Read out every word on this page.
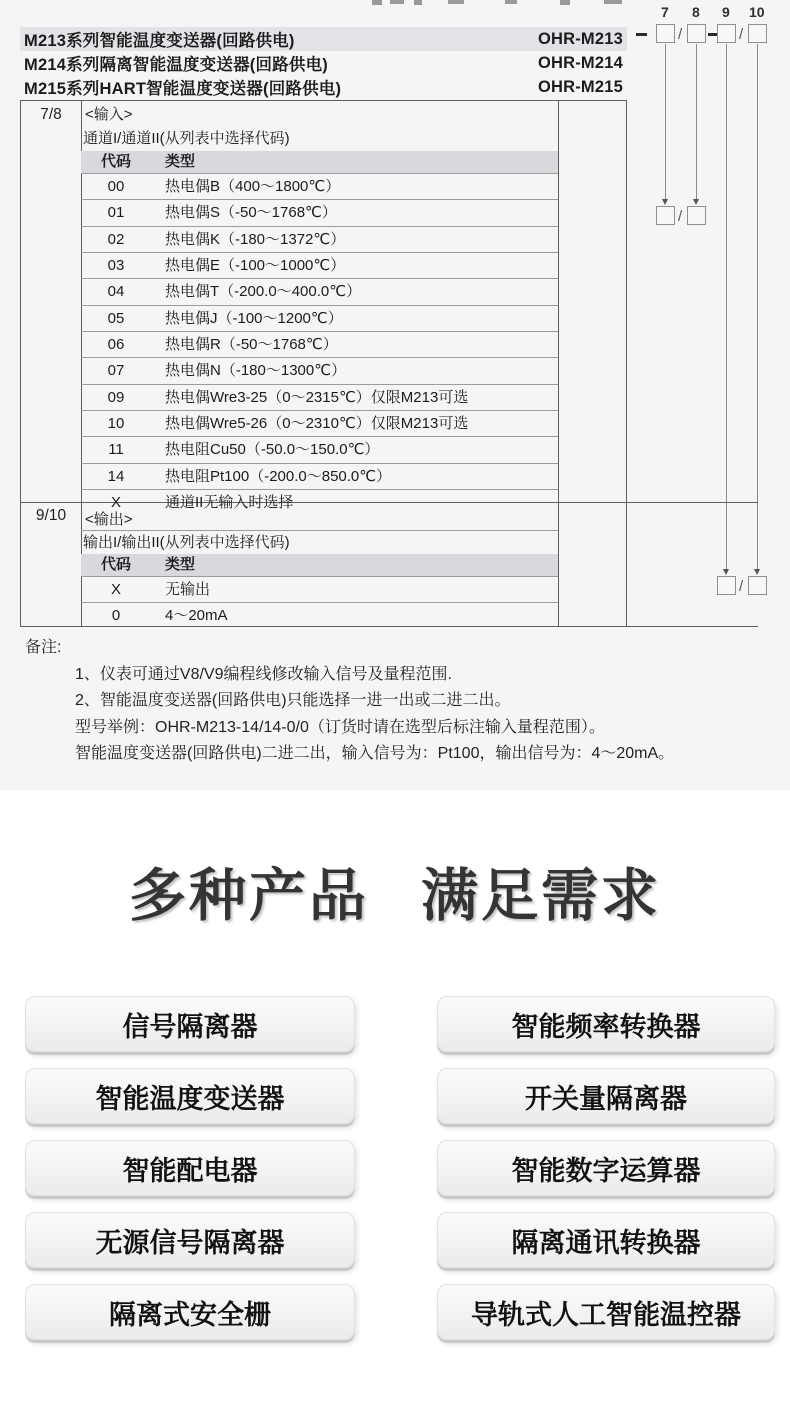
M213系列智能温度变送器(回路供电)	OHR-M213
M214系列隔离智能温度变送器(回路供电)	OHR-M214
M215系列HART智能温度变送器(回路供电)	OHR-M215
7 8 9 10
/	/
/
/
7/8
9/10
<输入>
通道I/通道II(从列表中选择代码)
代码	类型
00	热电偶B（400～1800℃）
01	热电偶S（-50～1768℃）
02	热电偶K（-180～1372℃）
03	热电偶E（-100～1000℃）
04	热电偶T（-200.0～400.0℃）
05	热电偶J（-100～1200℃）
06	热电偶R（-50～1768℃）
07	热电偶N（-180～1300℃）
09	热电偶Wre3-25（0～2315℃）仅限M213可选
10	热电偶Wre5-26（0～2310℃）仅限M213可选
11	热电阻Cu50（-50.0～150.0℃）
14	热电阻Pt100（-200.0～850.0℃）
X	通道II无输入时选择
<输出>
输出I/输出II(从列表中选择代码)
代码	类型
X	无输出
0	4～20mA
备注:
1、仪表可通过V8/V9编程线修改输入信号及量程范围.
2、智能温度变送器(回路供电)只能选择一进一出或二进二出。
型号举例：OHR-M213-14/14-0/0（订货时请在选型后标注输入量程范围）。
智能温度变送器(回路供电)二进二出，输入信号为：Pt100，输出信号为：4～20mA。
多种产品 满足需求
信号隔离器
智能温度变送器
智能配电器
无源信号隔离器
隔离式安全栅
智能频率转换器
开关量隔离器
智能数字运算器
隔离通讯转换器
导轨式人工智能温控器
